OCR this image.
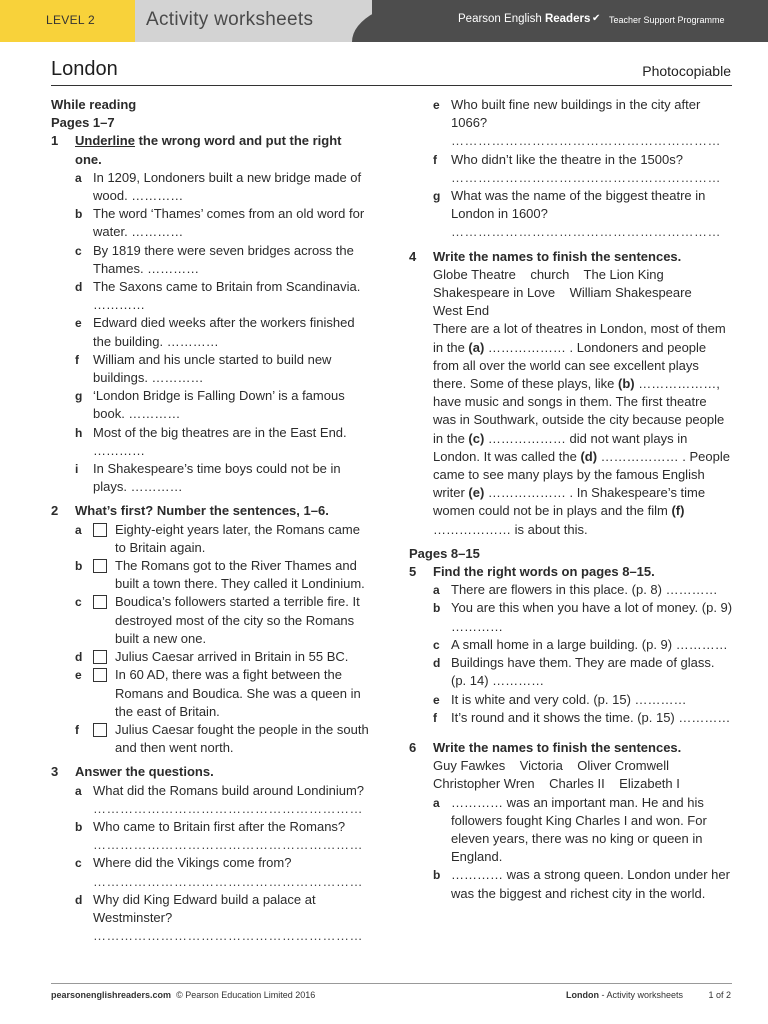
LEVEL 2	Activity worksheets	Pearson English Readers ✔ Teacher Support Programme
London	Photocopiable
While reading
Pages 1–7
1	Underline the wrong word and put the right one.
a In 1209, Londoners built a new bridge made of wood. …………
b The word ‘Thames’ comes from an old word for water. …………
c By 1819 there were seven bridges across the Thames. …………
d The Saxons came to Britain from Scandinavia. …………
e Edward died weeks after the workers finished the building. …………
f	William and his uncle started to build new buildings. …………
g ‘London Bridge is Falling Down’ is a famous book. …………
h Most of the big theatres are in the East End. …………
i	In Shakespeare’s time boys could not be in plays. …………
2	What’s first? Number the sentences, 1–6.
a	Eighty-eight years later, the Romans came to Britain again.
b	The Romans got to the River Thames and built a town there. They called it Londinium.
c	Boudica’s followers started a terrible fire. It destroyed most of the city so the Romans built a new one.
d	Julius Caesar arrived in Britain in 55 BC.
e	In 60 AD, there was a fight between the Romans and Boudica. She was a queen in the east of Britain.
f	Julius Caesar fought the people in the south and then went north.
3	Answer the questions.
a What did the Romans build around Londinium?
……………………………………………………
b Who came to Britain first after the Romans?
……………………………………………………
c Where did the Vikings come from?
……………………………………………………
d Why did King Edward build a palace at Westminster?
……………………………………………………
e Who built fine new buildings in the city after 1066?
……………………………………………………
f	Who didn’t like the theatre in the 1500s?
……………………………………………………
g What was the name of the biggest theatre in London in 1600?
……………………………………………………
4	Write the names to finish the sentences.
Globe Theatre    church    The Lion King
Shakespeare in Love    William Shakespeare
West End
There are a lot of theatres in London, most of them in the (a) ……………… . Londoners and people from all over the world can see excellent plays there. Some of these plays, like (b) ………………, have music and songs in them. The first theatre was in Southwark, outside the city because people in the (c) ……………… did not want plays in London. It was called the (d) ……………… . People came to see many plays by the famous English writer (e) ……………… . In Shakespeare’s time women could not be in plays and the film (f) ……………… is about this.
Pages 8–15
5	Find the right words on pages 8–15.
a There are flowers in this place. (p. 8) …………
b You are this when you have a lot of money. (p. 9) …………
c A small home in a large building. (p. 9) …………
d Buildings have them. They are made of glass. (p. 14) …………
e It is white and very cold. (p. 15) …………
f	It’s round and it shows the time. (p. 15) …………
6	Write the names to finish the sentences.
Guy Fawkes    Victoria    Oliver Cromwell
Christopher Wren    Charles II    Elizabeth I
a ………… was an important man. He and his followers fought King Charles I and won. For eleven years, there was no king or queen in England.
b ………… was a strong queen. London under her was the biggest and richest city in the world.
pearsonenglishreaders.com © Pearson Education Limited 2016	London - Activity worksheets	1 of 2
